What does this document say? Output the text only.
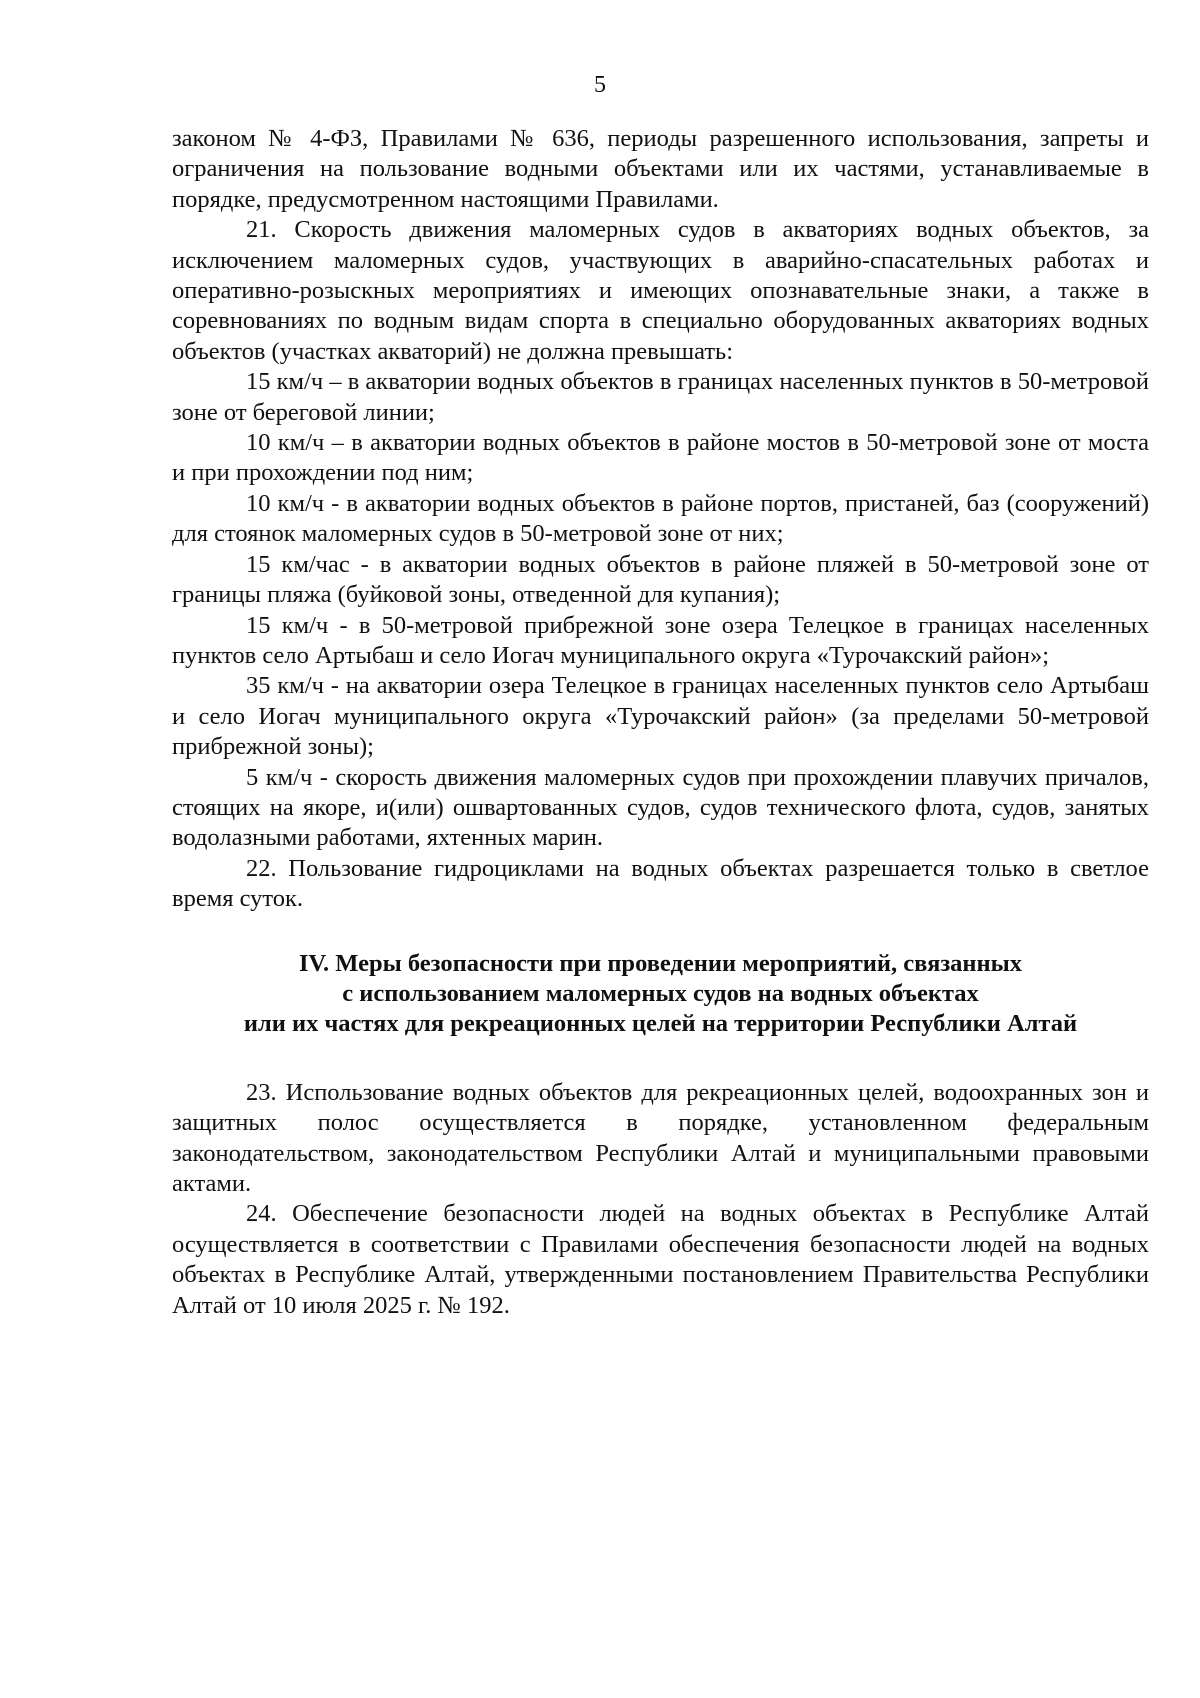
5

законом № 4-ФЗ, Правилами № 636, периоды разрешенного использования, запреты и ограничения на пользование водными объектами или их частями, устанавливаемые в порядке, предусмотренном настоящими Правилами.

21. Скорость движения маломерных судов в акваториях водных объектов, за исключением маломерных судов, участвующих в аварийно-спасательных работах и оперативно-розыскных мероприятиях и имеющих опознавательные знаки, а также в соревнованиях по водным видам спорта в специально оборудованных акваториях водных объектов (участках акваторий) не должна превышать:

15 км/ч – в акватории водных объектов в границах населенных пунктов в 50-метровой зоне от береговой линии;

10 км/ч – в акватории водных объектов в районе мостов в 50-метровой зоне от моста и при прохождении под ним;

10 км/ч - в акватории водных объектов в районе портов, пристаней, баз (сооружений) для стоянок маломерных судов в 50-метровой зоне от них;

15 км/час - в акватории водных объектов в районе пляжей в 50-метровой зоне от границы пляжа (буйковой зоны, отведенной для купания);

15 км/ч - в 50-метровой прибрежной зоне озера Телецкое в границах населенных пунктов село Артыбаш и село Иогач муниципального округа «Турочакский район»;

35 км/ч - на акватории озера Телецкое в границах населенных пунктов село Артыбаш и село Иогач муниципального округа «Турочакский район» (за пределами 50-метровой прибрежной зоны);

5 км/ч - скорость движения маломерных судов при прохождении плавучих причалов, стоящих на якоре, и(или) ошвартованных судов, судов технического флота, судов, занятых водолазными работами, яхтенных марин.

22. Пользование гидроциклами на водных объектах разрешается только в светлое время суток.

IV. Меры безопасности при проведении мероприятий, связанных
с использованием маломерных судов на водных объектах
или их частях для рекреационных целей на территории Республики Алтай

23. Использование водных объектов для рекреационных целей, водоохранных зон и защитных полос осуществляется в порядке, установленном федеральным законодательством, законодательством Республики Алтай и муниципальными правовыми актами.

24. Обеспечение безопасности людей на водных объектах в Республике Алтай осуществляется в соответствии с Правилами обеспечения безопасности людей на водных объектах в Республике Алтай, утвержденными постановлением Правительства Республики Алтай от 10 июля 2025 г. № 192.
